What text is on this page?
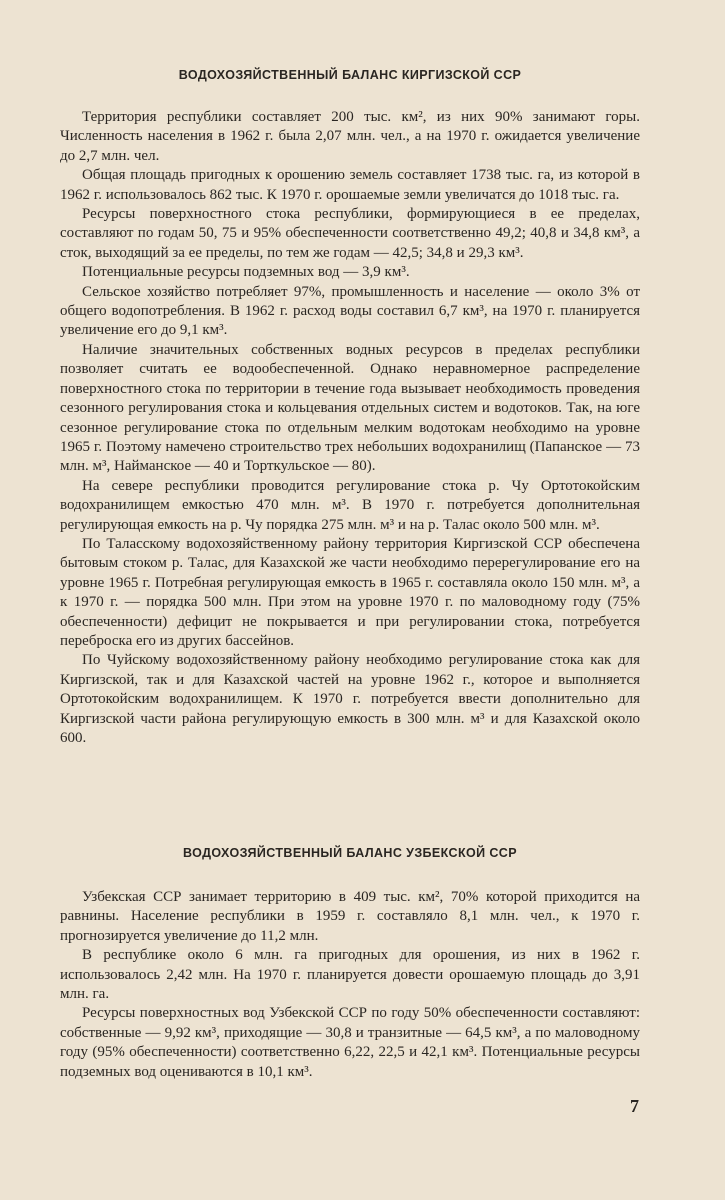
ВОДОХОЗЯЙСТВЕННЫЙ БАЛАНС КИРГИЗСКОЙ ССР

Территория республики составляет 200 тыс. км², из них 90% занимают горы. Численность населения в 1962 г. была 2,07 млн. чел., а на 1970 г. ожидается увеличение до 2,7 млн. чел.

Общая площадь пригодных к орошению земель составляет 1738 тыс. га, из которой в 1962 г. использовалось 862 тыс. К 1970 г. орошаемые земли увеличатся до 1018 тыс. га.

Ресурсы поверхностного стока республики, формирующиеся в ее пределах, составляют по годам 50, 75 и 95% обеспеченности соответственно 49,2; 40,8 и 34,8 км³, а сток, выходящий за ее пределы, по тем же годам — 42,5; 34,8 и 29,3 км³.

Потенциальные ресурсы подземных вод — 3,9 км³.

Сельское хозяйство потребляет 97%, промышленность и население — около 3% от общего водопотребления. В 1962 г. расход воды составил 6,7 км³, на 1970 г. планируется увеличение его до 9,1 км³.

Наличие значительных собственных водных ресурсов в пределах республики позволяет считать ее водообеспеченной. Однако неравномерное распределение поверхностного стока по территории в течение года вызывает необходимость проведения сезонного регулирования стока и кольцевания отдельных систем и водотоков. Так, на юге сезонное регулирование стока по отдельным мелким водотокам необходимо на уровне 1965 г. Поэтому намечено строительство трех небольших водохранилищ (Папанское — 73 млн. м³, Найманское — 40 и Торткульское — 80).

На севере республики проводится регулирование стока р. Чу Ортотокойским водохранилищем емкостью 470 млн. м³. В 1970 г. потребуется дополнительная регулирующая емкость на р. Чу порядка 275 млн. м³ и на р. Талас около 500 млн. м³.

По Таласскому водохозяйственному району территория Киргизской ССР обеспечена бытовым стоком р. Талас, для Казахской же части необходимо перерегулирование его на уровне 1965 г. Потребная регулирующая емкость в 1965 г. составляла около 150 млн. м³, а к 1970 г. — порядка 500 млн. При этом на уровне 1970 г. по маловодному году (75% обеспеченности) дефицит не покрывается и при регулировании стока, потребуется переброска его из других бассейнов.

По Чуйскому водохозяйственному району необходимо регулирование стока как для Киргизской, так и для Казахской частей на уровне 1962 г., которое и выполняется Ортотокойским водохранилищем. К 1970 г. потребуется ввести дополнительно для Киргизской части района регулирующую емкость в 300 млн. м³ и для Казахской около 600.

ВОДОХОЗЯЙСТВЕННЫЙ БАЛАНС УЗБЕКСКОЙ ССР

Узбекская ССР занимает территорию в 409 тыс. км², 70% которой приходится на равнины. Население республики в 1959 г. составляло 8,1 млн. чел., к 1970 г. прогнозируется увеличение до 11,2 млн.

В республике около 6 млн. га пригодных для орошения, из них в 1962 г. использовалось 2,42 млн. На 1970 г. планируется довести орошаемую площадь до 3,91 млн. га.

Ресурсы поверхностных вод Узбекской ССР по году 50% обеспеченности составляют: собственные — 9,92 км³, приходящие — 30,8 и транзитные — 64,5 км³, а по маловодному году (95% обеспеченности) соответственно 6,22, 22,5 и 42,1 км³. Потенциальные ресурсы подземных вод оцениваются в 10,1 км³.

7
